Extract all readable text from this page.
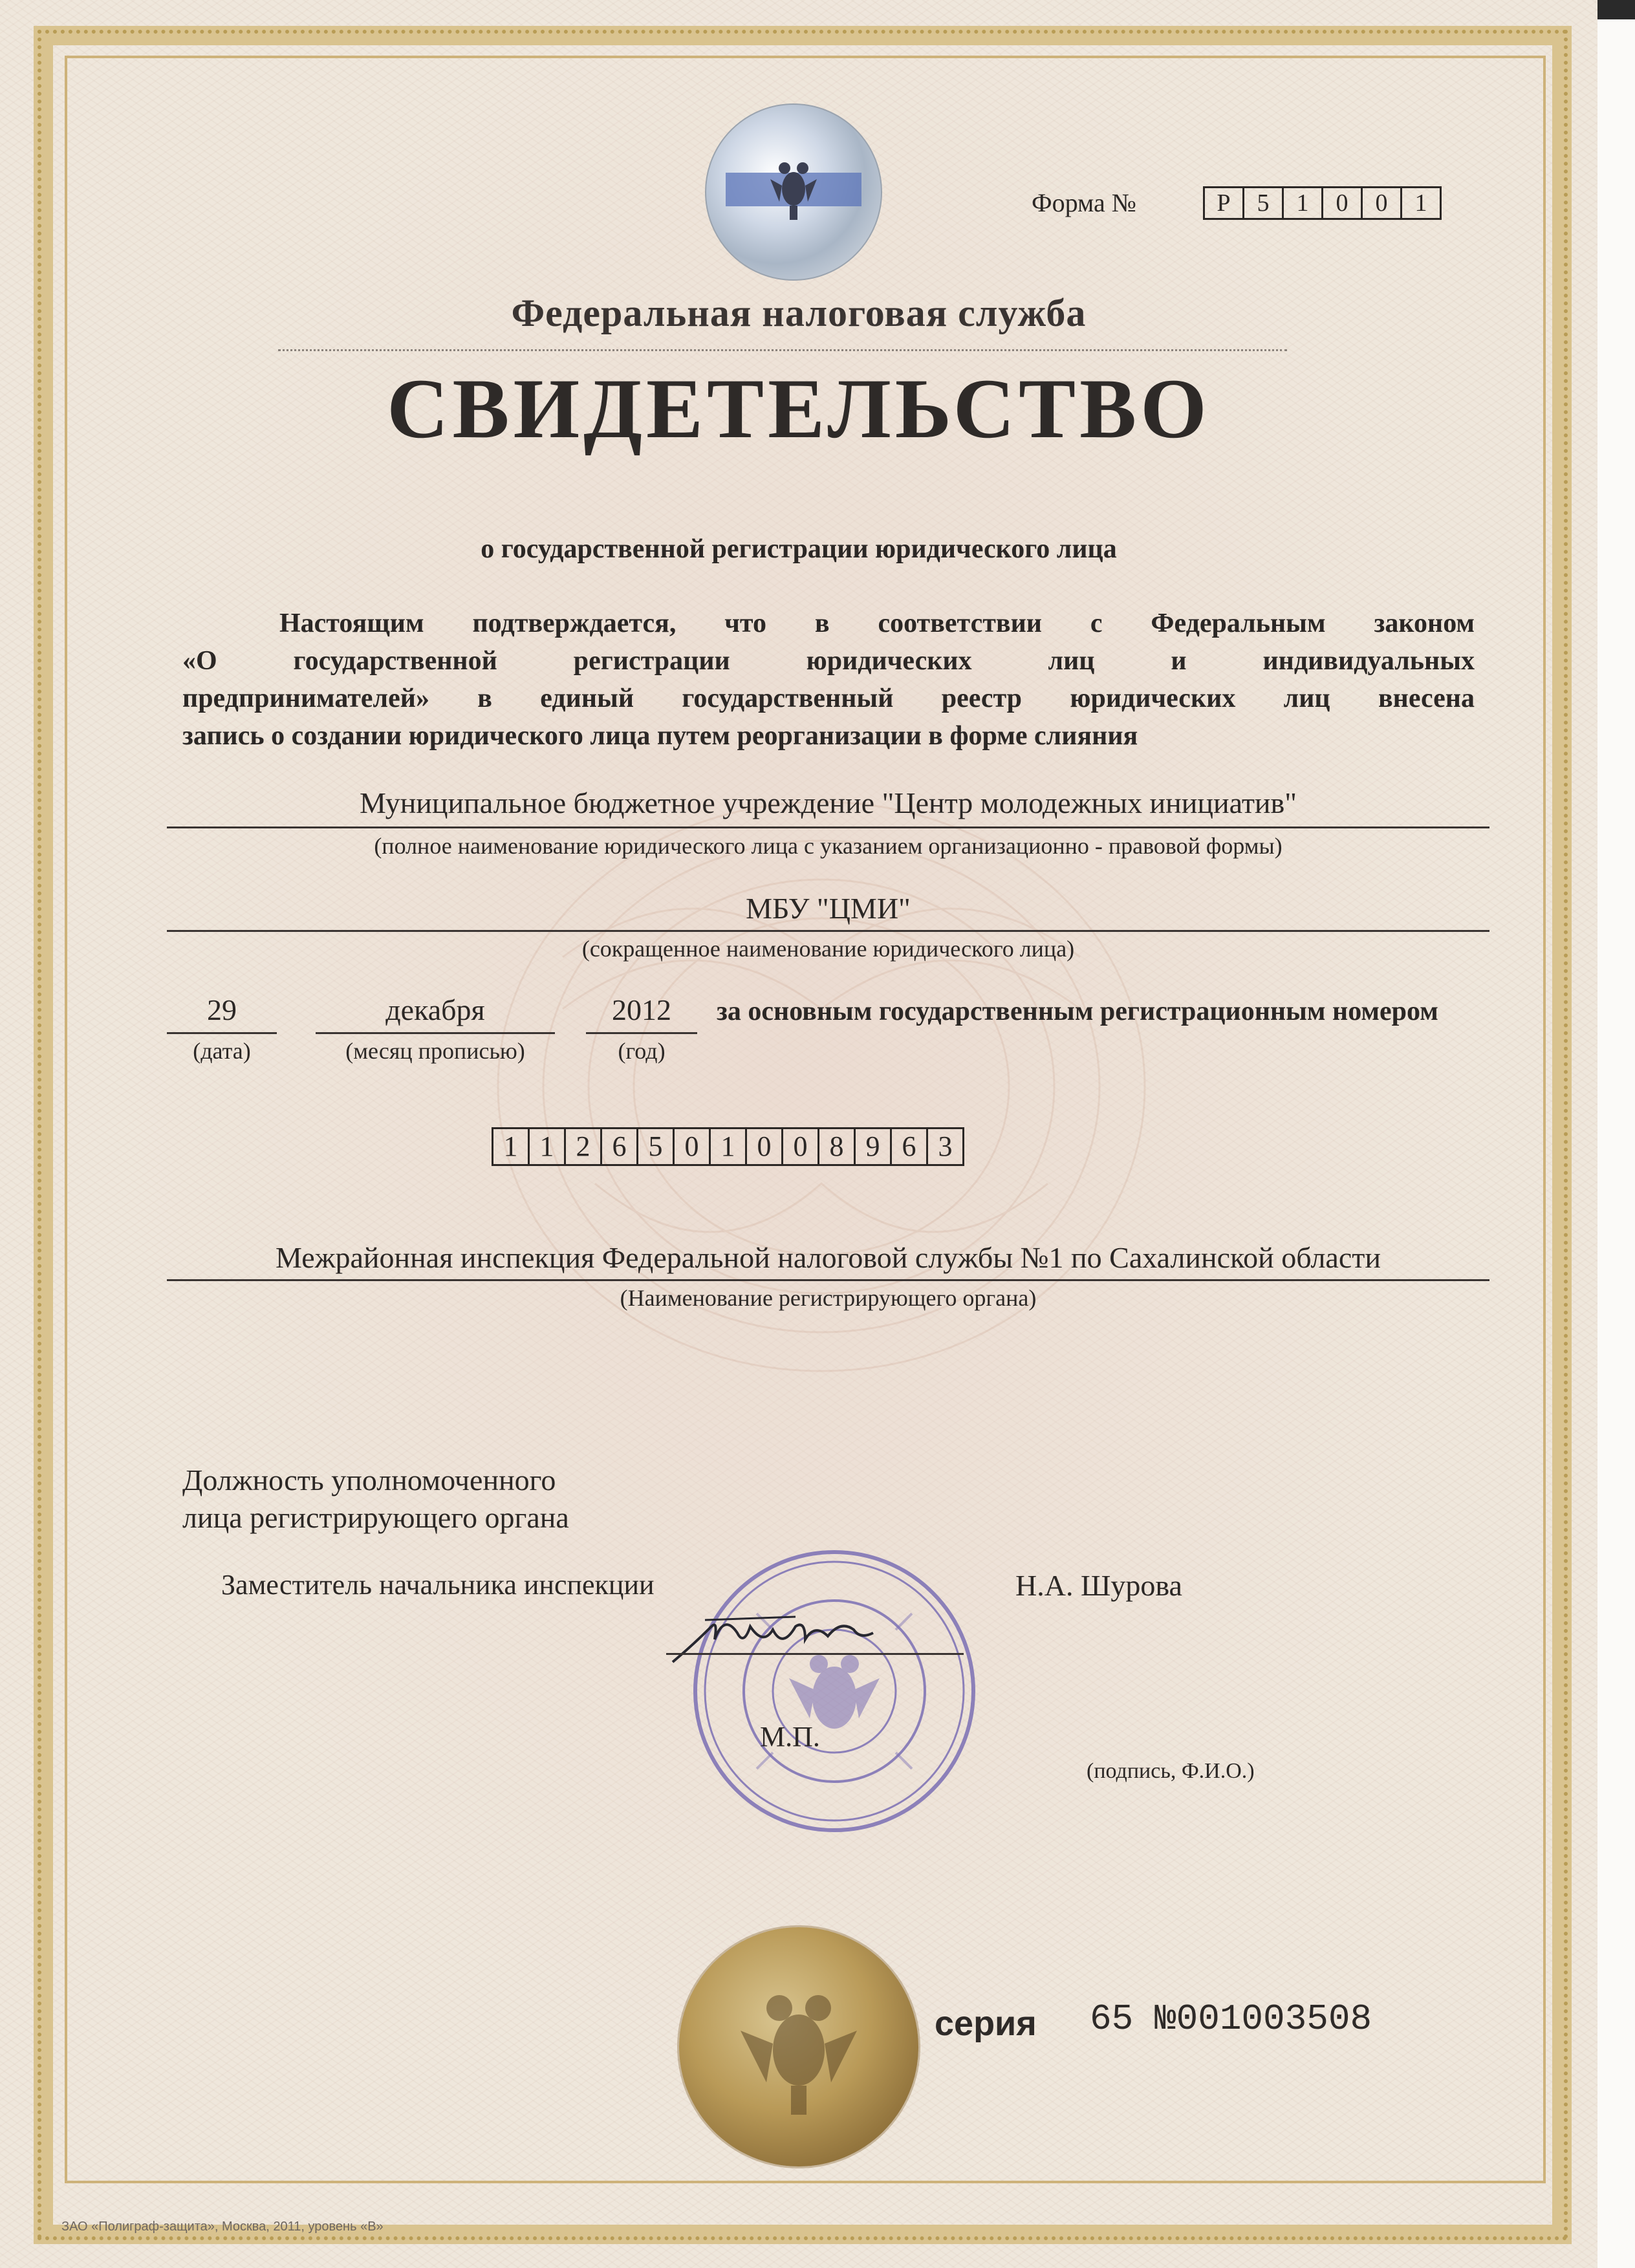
Форма №	Р	5	1	0	0	1
Федеральная налоговая служба
СВИДЕТЕЛЬСТВО
о государственной регистрации юридического лица
Настоящим подтверждается, что в соответствии с Федеральным законом
«О государственной регистрации юридических лиц и индивидуальных
предпринимателей» в единый государственный реестр юридических лиц внесена
запись о создании юридического лица путем реорганизации в форме слияния
Муниципальное бюджетное учреждение "Центр молодежных инициатив"
(полное наименование юридического лица с указанием организационно - правовой формы)
МБУ "ЦМИ"
(сокращенное наименование юридического лица)
29
(дата)
декабря
(месяц прописью)
2012
(год)
за основным государственным регистрационным номером
1 1 2 6 5 0 1 0 0 8 9 6 3
Межрайонная инспекция Федеральной налоговой службы №1 по Сахалинской области
(Наименование регистрирующего органа)
Должность уполномоченного
лица регистрирующего органа
Заместитель начальника инспекции	Н.А. Шурова
М.П.
(подпись, Ф.И.О.)
серия 65 №001003508
ЗАО «Полиграф-защита», Москва, 2011, уровень «В»
